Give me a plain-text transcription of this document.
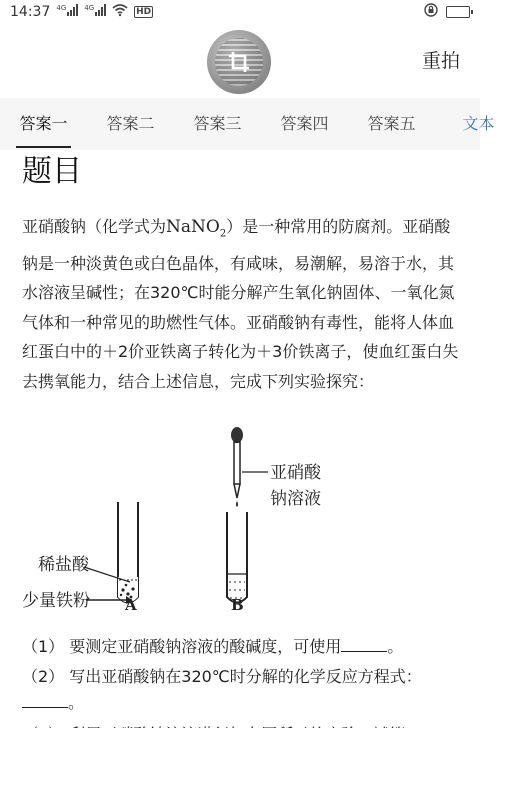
14:37 $^{4G}$	$^{4G}$	HD
重拍
答案一	答案二	答案三	答案四	答案五	文本
题目
亚硝酸钠（化学式为NaNO$_2$）是一种常用的防腐剂。亚硝酸钠是一种淡黄色或白色晶体，有咸味，易潮解，易溶于水，其水溶液呈碱性；在320℃时能分解产生氧化钠固体、一氧化氮气体和一种常见的助燃性气体。亚硝酸钠有毒性，能将人体血红蛋白中的＋2价亚铁离子转化为＋3价铁离子，使血红蛋白失去携氧能力，结合上述信息，完成下列实验探究：
亚硝酸
钠溶液
稀盐酸
少量铁粉 A	B
（1） 要测定亚硝酸钠溶液的酸碱度，可使用	。
（2） 写出亚硝酸钠在320℃时分解的化学反应方程式：。
